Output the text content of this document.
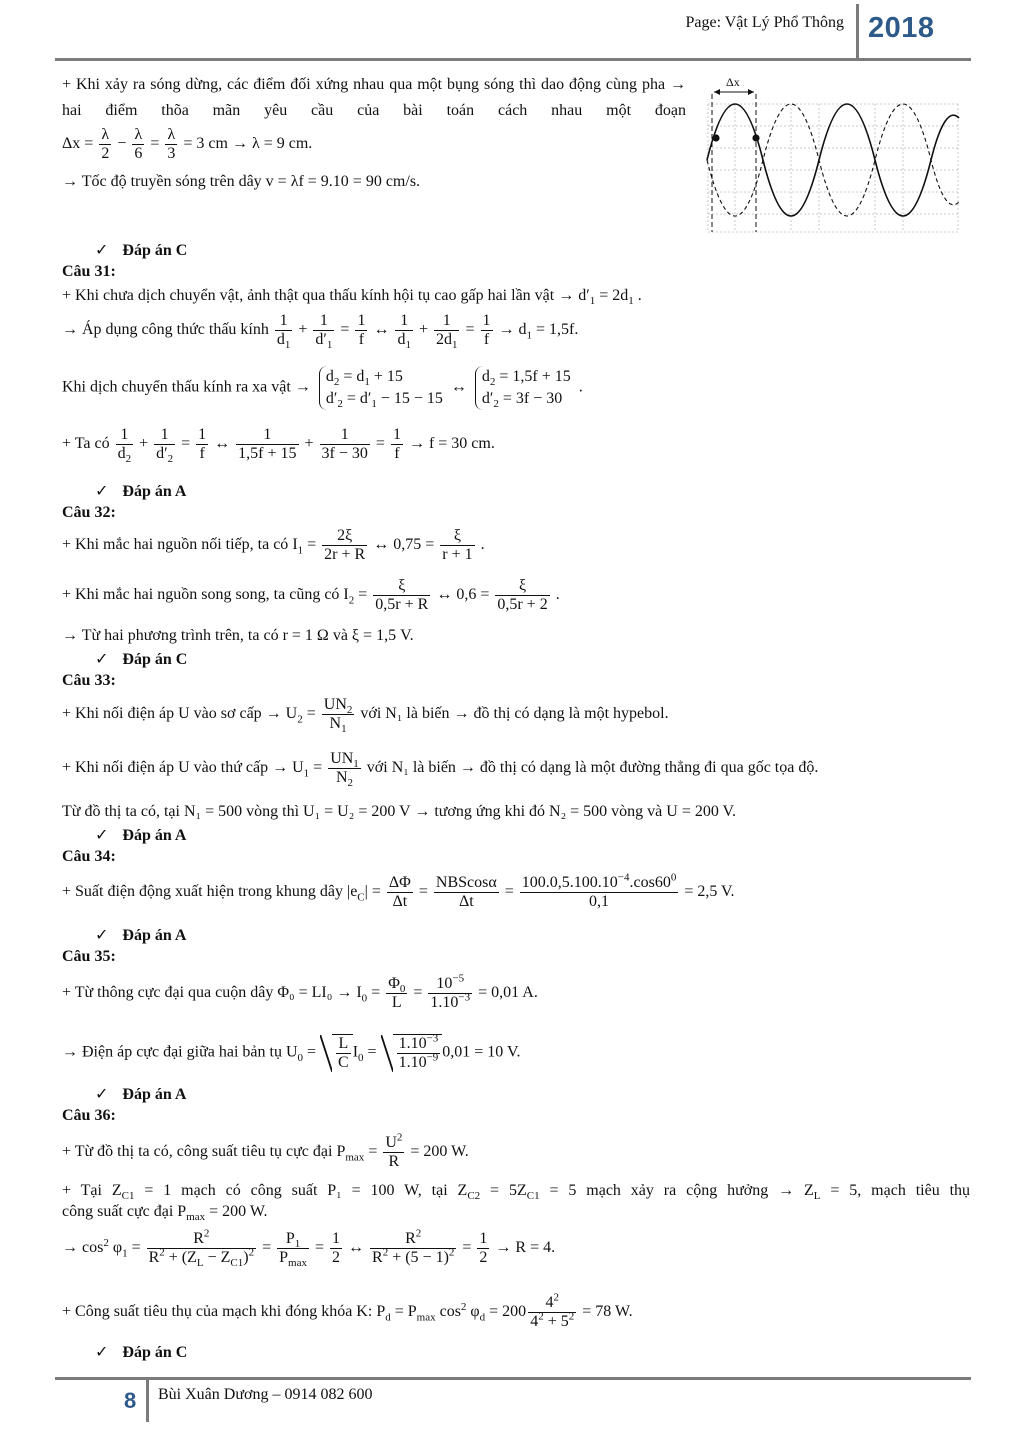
Page: Vật Lý Phổ Thông 2018
Δx
+ Khi xảy ra sóng dừng, các điểm đối xứng nhau qua một bụng sóng thì dao động cùng pha → hai điểm thõa mãn yêu cầu của bài toán cách nhau một đoạn
$\Delta x = \frac{\lambda}{2} - \frac{\lambda}{6} = \frac{\lambda}{3} = 3$ cm → λ = 9 cm.
→ Tốc độ truyền sóng trên dây v = λf = 9.10 = 90 cm/s.
✓ Đáp án C
Câu 31:
+ Khi chưa dịch chuyển vật, ảnh thật qua thấu kính hội tụ cao gấp hai lần vật → $d'_1 = 2d_1$ .
→ Áp dụng công thức thấu kính $\frac{1}{d_1} + \frac{1}{d'_1} = \frac{1}{f}$ ↔ $\frac{1}{d_1} + \frac{1}{2d_1} = \frac{1}{f} \to d_1 = 1,5f$.
Khi dịch chuyển thấu kính ra xa vật →
$d_2 = d_1 + 15$
$d'_2 = d'_1 - 15 - 15$
↔
$d_2 = 1,5f + 15$
$d'_2 = 3f - 30$
.
+ Ta có $\frac{1}{d_2} + \frac{1}{d'_2} = \frac{1}{f}$ ↔ $\frac{1}{1,5f + 15} + \frac{1}{3f - 30} = \frac{1}{f} \to f = 30$ cm.
✓ Đáp án A
Câu 32:
+ Khi mắc hai nguồn nối tiếp, ta có $I_1 = \frac{2\xi}{2r + R}$ ↔ $0,75 = \frac{\xi}{r + 1}$ .
+ Khi mắc hai nguồn song song, ta cũng có $I_2 = \frac{\xi}{0,5r + R}$ ↔ $0,6 = \frac{\xi}{0,5r + 2}$ .
→ Từ hai phương trình trên, ta có r = 1 Ω và ξ = 1,5 V.
✓ Đáp án C
Câu 33:
+ Khi nối điện áp U vào sơ cấp → $U_2 = \frac{UN_2}{N_1}$ với N₁ là biến → đồ thị có dạng là một hypebol.
+ Khi nối điện áp U vào thứ cấp → $U_1 = \frac{UN_1}{N_2}$ với N₁ là biến → đồ thị có dạng là một đường thẳng đi qua gốc tọa độ.
Từ đồ thị ta có, tại N₁ = 500 vòng thì U₁ = U₂ = 200 V → tương ứng khi đó N₂ = 500 vòng và U = 200 V.
✓ Đáp án A
Câu 34:
+ Suất điện động xuất hiện trong khung dây $|e_C| = \frac{\Delta\Phi}{\Delta t} = \frac{\text{NBScosα}}{\Delta t} = \frac{100.0,5.100.10^{-4}.\cos 60^0}{0,1} = 2,5$ V.
✓ Đáp án A
Câu 35:
+ Từ thông cực đại qua cuộn dây $\Phi_0 = LI_0 \to I_0 = \frac{\Phi_0}{L} = \frac{10^{-5}}{1.10^{-3}} = 0,01$ A.
→ Điện áp cực đại giữa hai bản tụ $U_0 = \frac{L}{C} I_0 = \frac{1.10^{-3}}{1.10^{-9}} 0,01 = 10$ V.
✓ Đáp án A
Câu 36:
+ Từ đồ thị ta có, công suất tiêu tụ cực đại $P_{max} = \frac{U^2}{R} = 200$ W.
+ Tại $Z_{C1} = 1$ mạch có công suất P₁ = 100 W, tại $Z_{C2} = 5Z_{C1} = 5$ mạch xảy ra cộng hưởng → $Z_L = 5$, mạch tiêu thụ
công suất cực đại $P_{max} = 200$ W.
→ $\cos^2 \varphi_1 = \frac{R^2}{R^2 + (Z_L - Z_{C1})^2} = \frac{P_1}{P_{max}} = \frac{1}{2}$ ↔ $\frac{R^2}{R^2 + (5 - 1)^2} = \frac{1}{2} \to R = 4$.
+ Công suất tiêu thụ của mạch khi đóng khóa K: $P_d = P_{max}$ $\cos^2 \varphi_d = 200 \frac{4^2}{4^2 + 5^2} = 78$ W.
✓ Đáp án C
8 Bùi Xuân Dương – 0914 082 600
